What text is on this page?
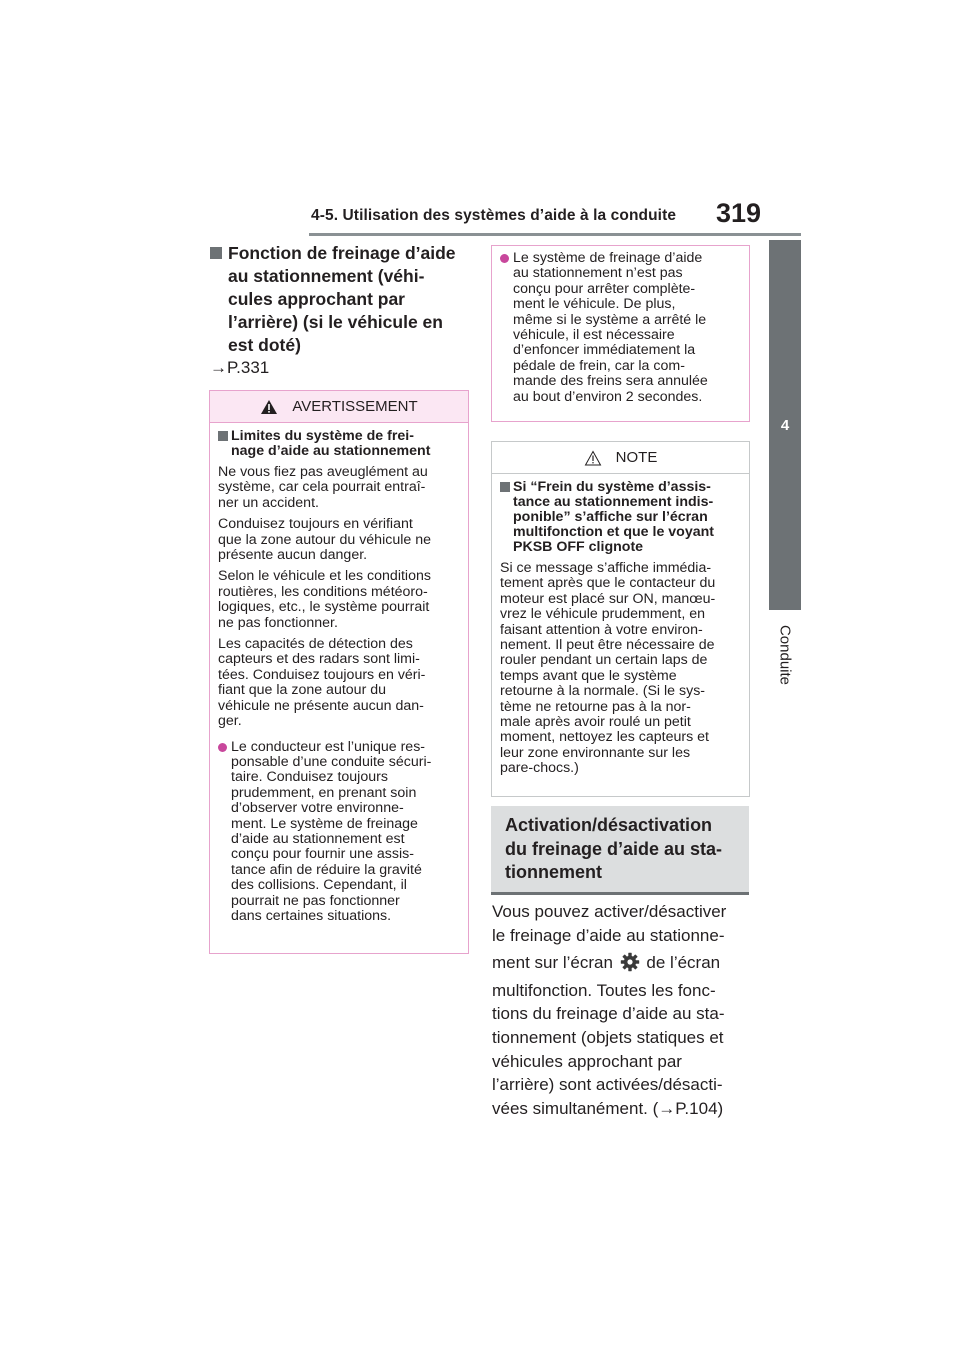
4-5. Utilisation des systèmes d’aide à la conduite 319
4
Conduite
Fonction de freinage d’aide
au stationnement (véhi-
cules approchant par
l’arrière) (si le véhicule en
est doté)
→P.331
AVERTISSEMENT
Limites du système de frei-
nage d’aide au stationnement

Ne vous fiez pas aveuglément au
système, car cela pourrait entraî-
ner un accident.

Conduisez toujours en vérifiant
que la zone autour du véhicule ne
présente aucun danger.

Selon le véhicule et les conditions
routières, les conditions météoro-
logiques, etc., le système pourrait
ne pas fonctionner.

Les capacités de détection des
capteurs et des radars sont limi-
tées. Conduisez toujours en véri-
fiant que la zone autour du
véhicule ne présente aucun dan-
ger.

Le conducteur est l’unique res-
ponsable d’une conduite sécuri-
taire. Conduisez toujours
prudemment, en prenant soin
d’observer votre environne-
ment. Le système de freinage
d’aide au stationnement est
conçu pour fournir une assis-
tance afin de réduire la gravité
des collisions. Cependant, il
pourrait ne pas fonctionner
dans certaines situations.
Le système de freinage d’aide
au stationnement n’est pas
conçu pour arrêter complète-
ment le véhicule. De plus,
même si le système a arrêté le
véhicule, il est nécessaire
d’enfoncer immédiatement la
pédale de frein, car la com-
mande des freins sera annulée
au bout d’environ 2 secondes.
NOTE
Si “Frein du système d’assis-
tance au stationnement indis-
ponible” s’affiche sur l’écran
multifonction et que le voyant
PKSB OFF clignote

Si ce message s’affiche immédia-
tement après que le contacteur du
moteur est placé sur ON, manœu-
vrez le véhicule prudemment, en
faisant attention à votre environ-
nement. Il peut être nécessaire de
rouler pendant un certain laps de
temps avant que le système
retourne à la normale. (Si le sys-
tème ne retourne pas à la nor-
male après avoir roulé un petit
moment, nettoyez les capteurs et
leur zone environnante sur les
pare-chocs.)

Activation/désactivation
du freinage d’aide au sta-
tionnement

Vous pouvez activer/désactiver

le freinage d’aide au stationne-

ment sur l’écran de l’écran

multifonction. Toutes les fonc-

tions du freinage d’aide au sta-

tionnement (objets statiques et

véhicules approchant par

l’arrière) sont activées/désacti-

vées simultanément. (→P.104)
